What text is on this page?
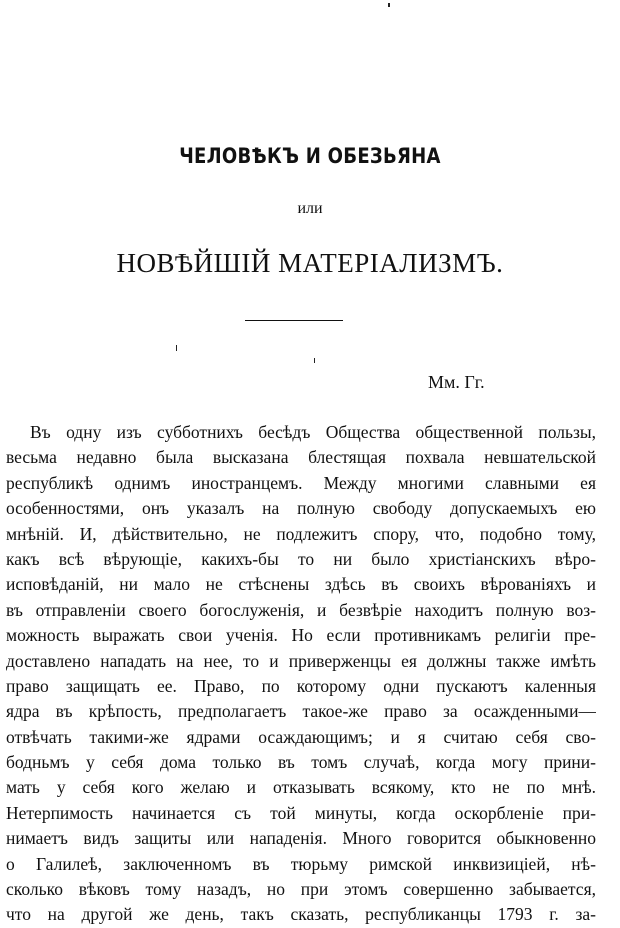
ЧЕЛОВѢКЪ И ОБЕЗЬЯНА
или
НОВѢЙШІЙ МАТЕРІАЛИЗМЪ.
Мм. Гг.
Въ одну изъ субботнихъ бесѣдъ Общества общественной пользы,
весьма недавно была высказана блестящая похвала невшательской
республикѣ однимъ иностранцемъ. Между многими славными ея
особенностями, онъ указалъ на полную свободу допускаемыхъ ею
мнѣній. И, дѣйствительно, не подлежитъ спору, что, подобно тому,
какъ всѣ вѣрующіе, какихъ-бы то ни было христіанскихъ вѣро-
исповѣданій, ни мало не стѣснены здѣсь въ своихъ вѣрованіяхъ и
въ отправленіи своего богослуженія, и безвѣріе находитъ полную воз-
можность выражать свои ученія. Но если противникамъ религіи пре-
доставлено нападать на нее, то и приверженцы ея должны также имѣть
право защищать ее. Право, по которому одни пускаютъ каленныя
ядра въ крѣпость, предполагаетъ такое-же право за осажденными—
отвѣчать такими-же ядрами осаждающимъ; и я считаю себя сво-
бодньмъ у себя дома только въ томъ случаѣ, когда могу прини-
мать у себя кого желаю и отказывать всякому, кто не по мнѣ.
Нетерпимость начинается съ той минуты, когда оскорбленіе при-
нимаетъ видъ защиты или нападенія. Много говорится обыкновенно
о Галилеѣ, заключенномъ въ тюрьму римской инквизиціей, нѣ-
сколько вѣковъ тому назадъ, но при этомъ совершенно забывается,
что на другой же день, такъ сказать, республиканцы 1793 г. за-
